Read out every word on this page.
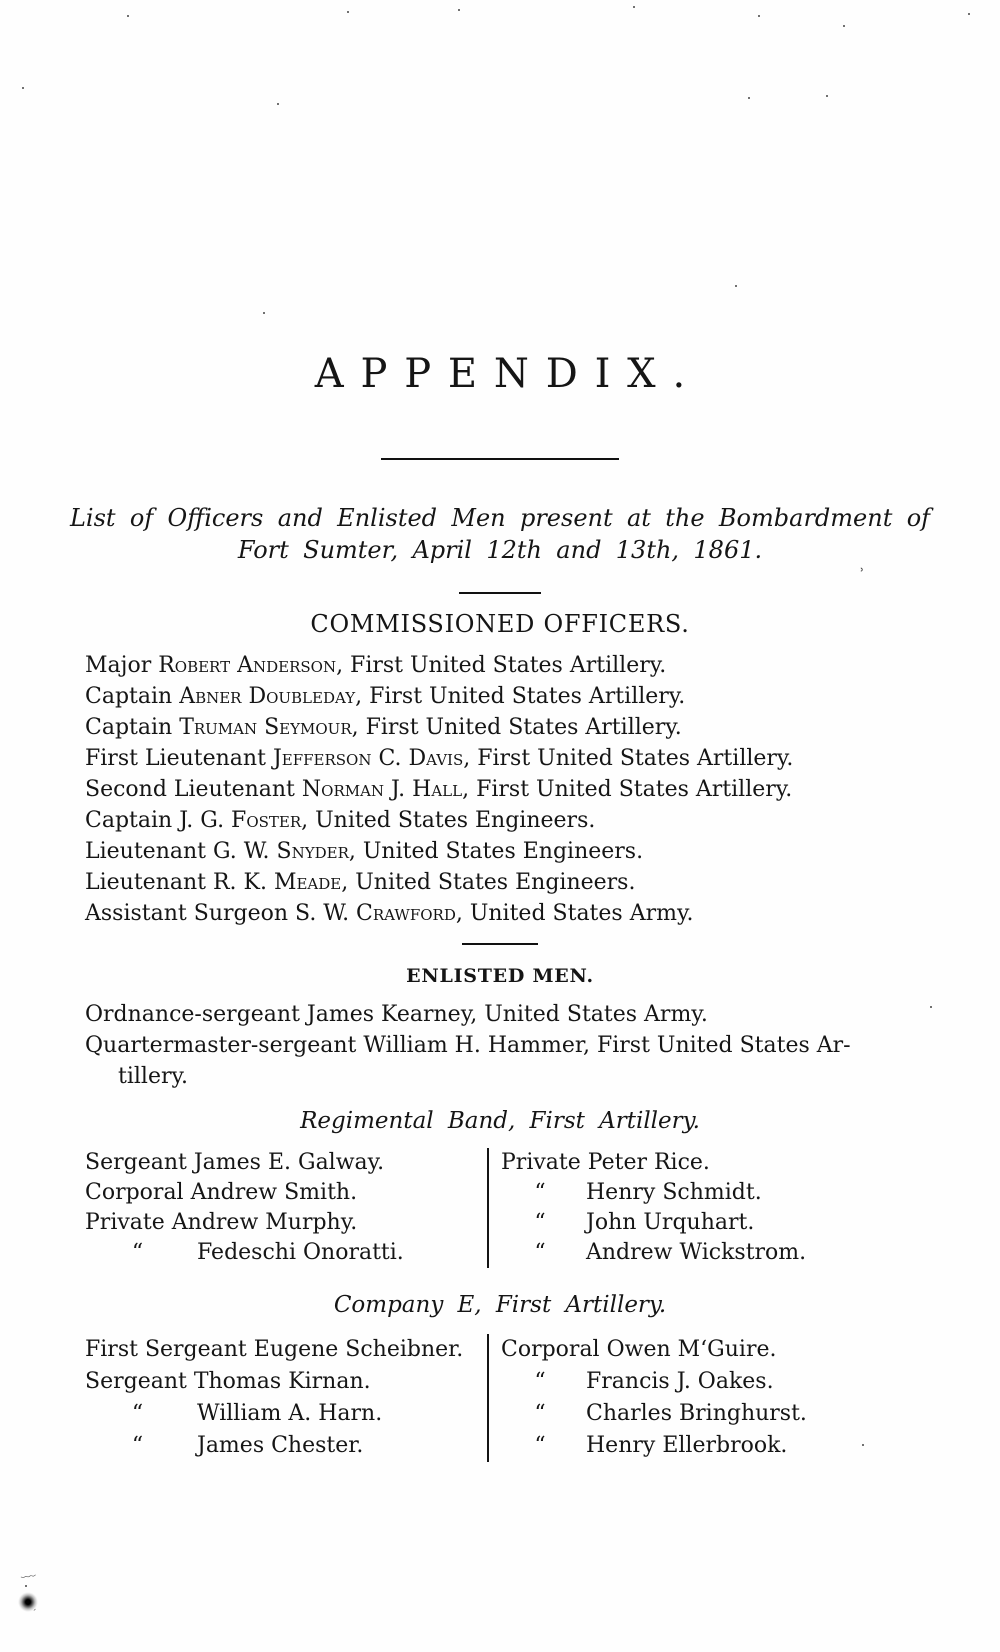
APPENDIX.
List of Officers and Enlisted Men present at the Bombardment of
Fort Sumter, April 12th and 13th, 1861.
COMMISSIONED OFFICERS.
Major Robert Anderson, First United States Artillery.
Captain Abner Doubleday, First United States Artillery.
Captain Truman Seymour, First United States Artillery.
First Lieutenant Jefferson C. Davis, First United States Artillery.
Second Lieutenant Norman J. Hall, First United States Artillery.
Captain J. G. Foster, United States Engineers.
Lieutenant G. W. Snyder, United States Engineers.
Lieutenant R. K. Meade, United States Engineers.
Assistant Surgeon S. W. Crawford, United States Army.
ENLISTED MEN.
Ordnance-sergeant James Kearney, United States Army.
Quartermaster-sergeant William H. Hammer, First United States Ar-
tillery.
Regimental Band, First Artillery.
Sergeant James E. Galway.
Corporal Andrew Smith.
Private Andrew Murphy.
“ Fedeschi Onoratti.
Private Peter Rice.
“ Henry Schmidt.
“ John Urquhart.
“ Andrew Wickstrom.
Company E, First Artillery.
First Sergeant Eugene Scheibner.
Sergeant Thomas Kirnan.
“ William A. Harn.
“ James Chester.
Corporal Owen M‘Guire.
“ Francis J. Oakes.
“ Charles Bringhurst.
“ Henry Ellerbrook.
˒
﹏
